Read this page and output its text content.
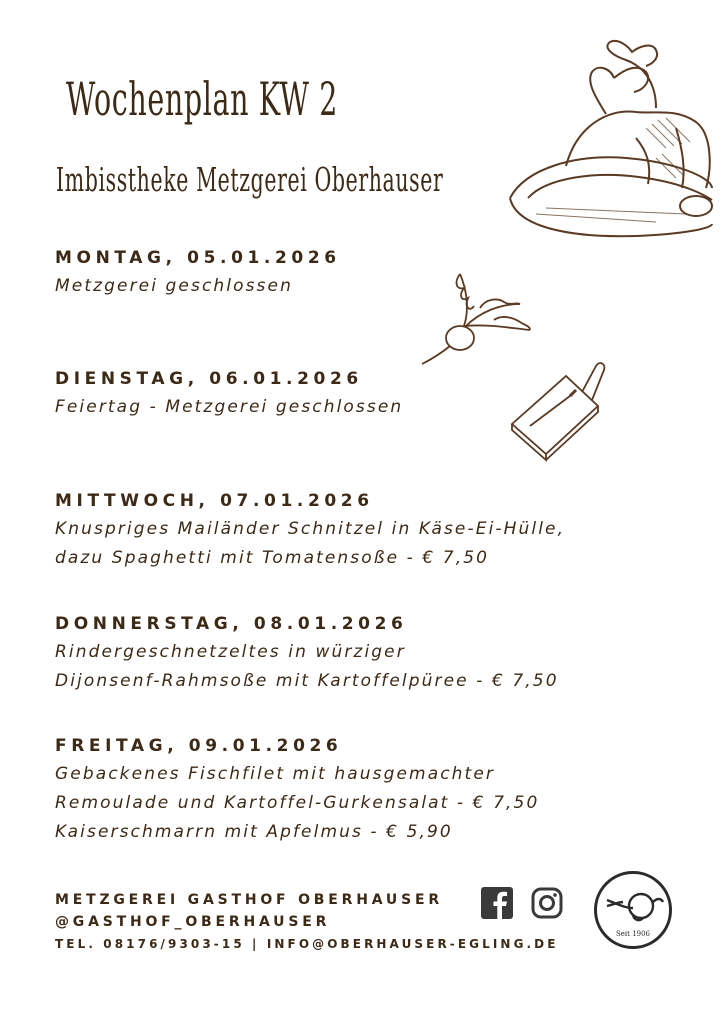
Wochenplan KW 2
Imbisstheke Metzgerei Oberhauser
MONTAG, 05.01.2026
Metzgerei geschlossen
DIENSTAG, 06.01.2026
Feiertag - Metzgerei geschlossen
MITTWOCH, 07.01.2026
Knuspriges Mailänder Schnitzel in Käse-Ei-Hülle,
dazu Spaghetti mit Tomatensoße - € 7,50
DONNERSTAG, 08.01.2026
Rindergeschnetzeltes in würziger
Dijonsenf-Rahmsoße mit Kartoffelpüree - € 7,50
FREITAG, 09.01.2026
Gebackenes Fischfilet mit hausgemachter
Remoulade und Kartoffel-Gurkensalat - € 7,50
Kaiserschmarrn mit Apfelmus - € 5,90
METZGEREI GASTHOF OBERHAUSER
@GASTHOF_OBERHAUSER
TEL. 08176/9303-15 | INFO@OBERHAUSER-EGLING.DE
Seit 1906
